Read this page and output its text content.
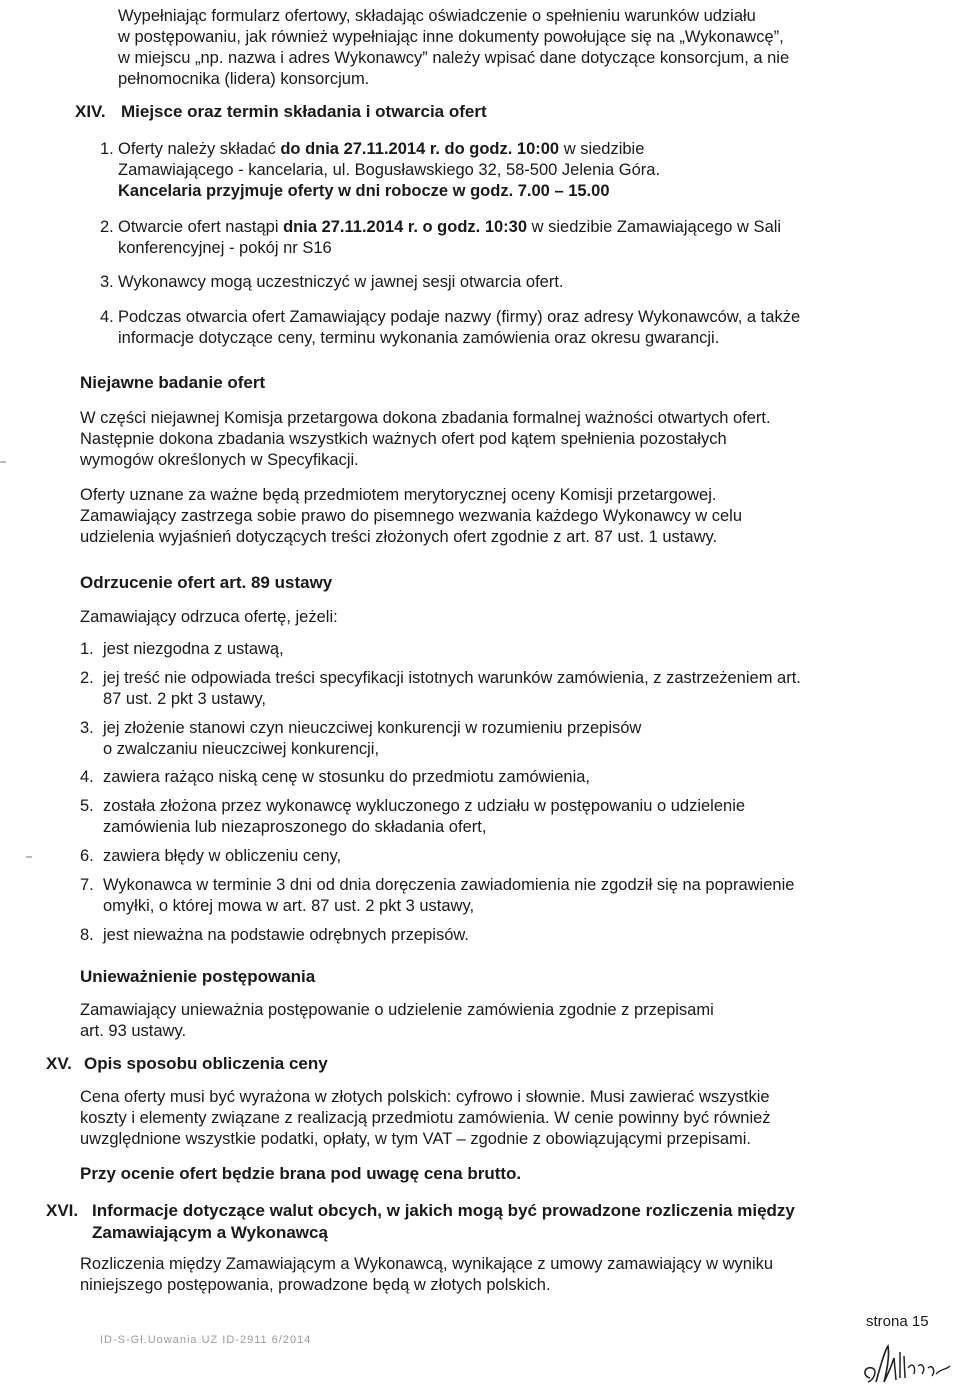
Wypełniając formularz ofertowy, składając oświadczenie o spełnieniu warunków udziału
w postępowaniu, jak również wypełniając inne dokumenty powołujące się na „Wykonawcę”,
w miejscu „np. nazwa i adres Wykonawcy” należy wpisać dane dotyczące konsorcjum, a nie
pełnomocnika (lidera) konsorcjum.
XIV. Miejsce oraz termin składania i otwarcia ofert
1. Oferty należy składać do dnia 27.11.2014 r. do godz. 10:00 w siedzibie
Zamawiającego - kancelaria, ul. Bogusławskiego 32, 58-500 Jelenia Góra.
Kancelaria przyjmuje oferty w dni robocze w godz. 7.00 – 15.00
2. Otwarcie ofert nastąpi dnia 27.11.2014 r. o godz. 10:30 w siedzibie Zamawiającego w Sali
konferencyjnej - pokój nr S16
3. Wykonawcy mogą uczestniczyć w jawnej sesji otwarcia ofert.
4. Podczas otwarcia ofert Zamawiający podaje nazwy (firmy) oraz adresy Wykonawców, a także
informacje dotyczące ceny, terminu wykonania zamówienia oraz okresu gwarancji.
Niejawne badanie ofert
W części niejawnej Komisja przetargowa dokona zbadania formalnej ważności otwartych ofert.
Następnie dokona zbadania wszystkich ważnych ofert pod kątem spełnienia pozostałych
wymogów określonych w Specyfikacji.
Oferty uznane za ważne będą przedmiotem merytorycznej oceny Komisji przetargowej.
Zamawiający zastrzega sobie prawo do pisemnego wezwania każdego Wykonawcy w celu
udzielenia wyjaśnień dotyczących treści złożonych ofert zgodnie z art. 87 ust. 1 ustawy.
Odrzucenie ofert art. 89 ustawy
Zamawiający odrzuca ofertę, jeżeli:
1. jest niezgodna z ustawą,
2. jej treść nie odpowiada treści specyfikacji istotnych warunków zamówienia, z zastrzeżeniem art.
87 ust. 2 pkt 3 ustawy,
3. jej złożenie stanowi czyn nieuczciwej konkurencji w rozumieniu przepisów
o zwalczaniu nieuczciwej konkurencji,
4. zawiera rażąco niską cenę w stosunku do przedmiotu zamówienia,
5. została złożona przez wykonawcę wykluczonego z udziału w postępowaniu o udzielenie
zamówienia lub niezaproszonego do składania ofert,
6. zawiera błędy w obliczeniu ceny,
7. Wykonawca w terminie 3 dni od dnia doręczenia zawiadomienia nie zgodził się na poprawienie
omyłki, o której mowa w art. 87 ust. 2 pkt 3 ustawy,
8. jest nieważna na podstawie odrębnych przepisów.
Unieważnienie postępowania
Zamawiający unieważnia postępowanie o udzielenie zamówienia zgodnie z przepisami
art. 93 ustawy.
XV. Opis sposobu obliczenia ceny
Cena oferty musi być wyrażona w złotych polskich: cyfrowo i słownie. Musi zawierać wszystkie
koszty i elementy związane z realizacją przedmiotu zamówienia. W cenie powinny być również
uwzględnione wszystkie podatki, opłaty, w tym VAT – zgodnie z obowiązującymi przepisami.
Przy ocenie ofert będzie brana pod uwagę cena brutto.
XVI. Informacje dotyczące walut obcych, w jakich mogą być prowadzone rozliczenia między
Zamawiającym a Wykonawcą
Rozliczenia między Zamawiającym a Wykonawcą, wynikające z umowy zamawiający w wyniku
niniejszego postępowania, prowadzone będą w złotych polskich.
ID-S-Gł.Uowania UZ ID-2911 6/2014
strona 15
